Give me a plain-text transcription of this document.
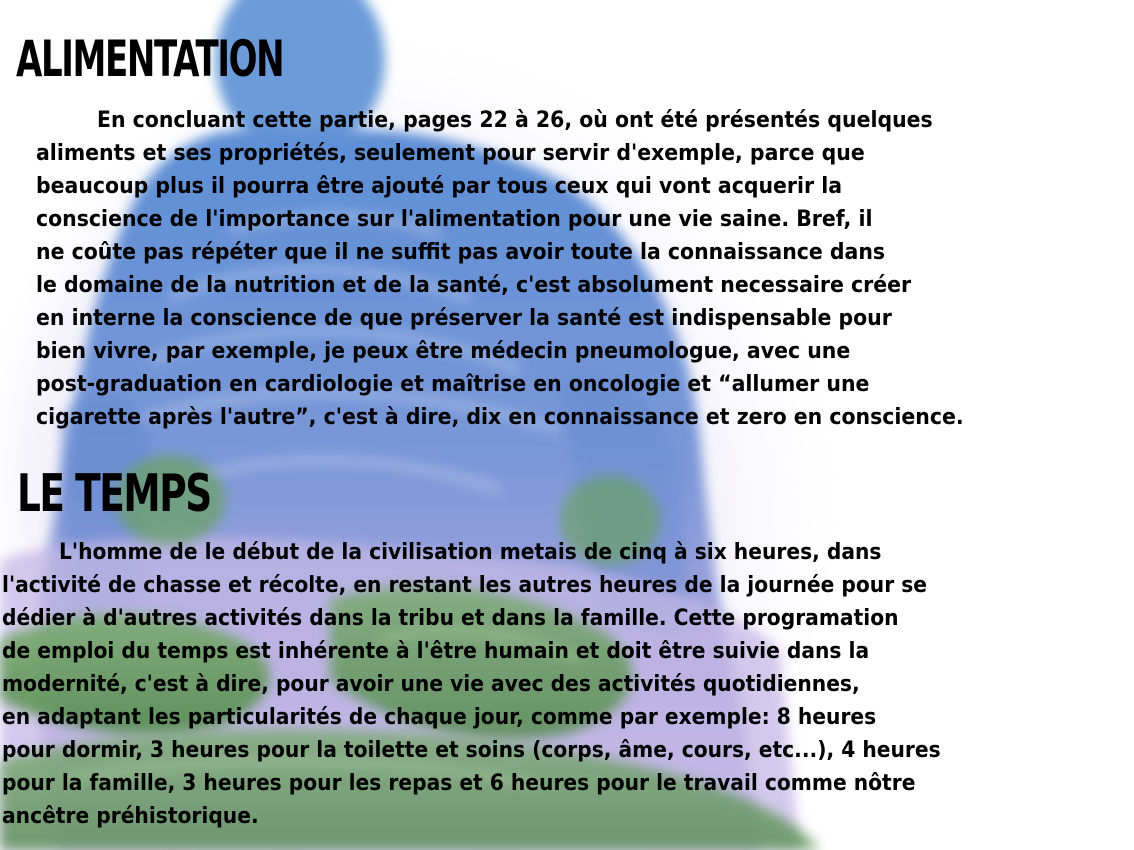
ALIMENTATION

En concluant cette partie, pages 22 à 26, où ont été présentés quelques

aliments et ses propriétés, seulement pour servir d'exemple, parce que

beaucoup plus il pourra être ajouté par tous ceux qui vont acquerir la

conscience de l'importance sur l'alimentation pour une vie saine. Bref, il

ne coûte pas répéter que il ne suffit pas avoir toute la connaissance dans

le domaine de la nutrition et de la santé, c'est absolument necessaire créer

en interne la conscience de que préserver la santé est indispensable pour

bien vivre, par exemple, je peux être médecin pneumologue, avec une

post-graduation en cardiologie et maîtrise en oncologie et “allumer une

cigarette après l'autre”, c'est à dire, dix en connaissance et zero en conscience.

LE TEMPS

L'homme de le début de la civilisation metais de cinq à six heures, dans

l'activité de chasse et récolte, en restant les autres heures de la journée pour se

dédier à d'autres activités dans la tribu et dans la famille. Cette programation

de emploi du temps est inhérente à l'être humain et doit être suivie dans la

modernité, c'est à dire, pour avoir une vie avec des activités quotidiennes,

en adaptant les particularités de chaque jour, comme par exemple: 8 heures

pour dormir, 3 heures pour la toilette et soins (corps, âme, cours, etc...), 4 heures

pour la famille, 3 heures pour les repas et 6 heures pour le travail comme nôtre

ancêtre préhistorique.
